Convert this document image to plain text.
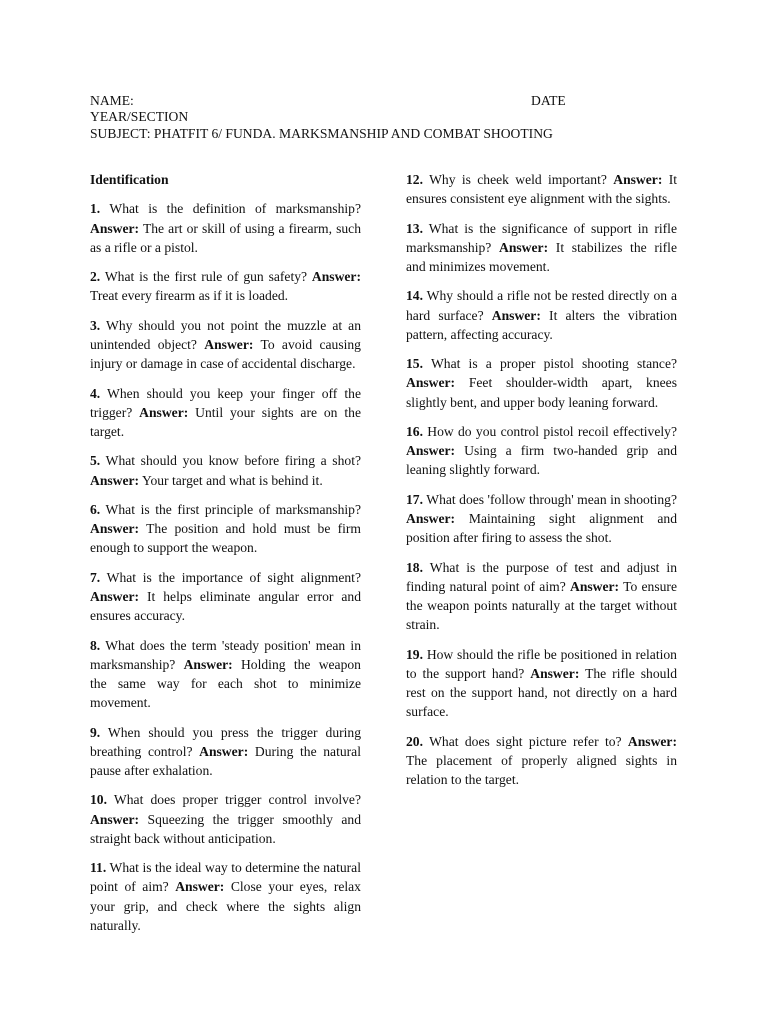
NAME:	DATE
YEAR/SECTION
SUBJECT: PHATFIT 6/ FUNDA. MARKSMANSHIP AND COMBAT SHOOTING
Identification

1. What is the definition of marksmanship? Answer: The art or skill of using a firearm, such as a rifle or a pistol.

2. What is the first rule of gun safety? Answer: Treat every firearm as if it is loaded.

3. Why should you not point the muzzle at an unintended object? Answer: To avoid causing injury or damage in case of accidental discharge.

4. When should you keep your finger off the trigger? Answer: Until your sights are on the target.

5. What should you know before firing a shot? Answer: Your target and what is behind it.

6. What is the first principle of marksmanship? Answer: The position and hold must be firm enough to support the weapon.

7. What is the importance of sight alignment? Answer: It helps eliminate angular error and ensures accuracy.

8. What does the term 'steady position' mean in marksmanship? Answer: Holding the weapon the same way for each shot to minimize movement.

9. When should you press the trigger during breathing control? Answer: During the natural pause after exhalation.

10. What does proper trigger control involve? Answer: Squeezing the trigger smoothly and straight back without anticipation.

11. What is the ideal way to determine the natural point of aim? Answer: Close your eyes, relax your grip, and check where the sights align naturally.

12. Why is cheek weld important? Answer: It ensures consistent eye alignment with the sights.

13. What is the significance of support in rifle marksmanship? Answer: It stabilizes the rifle and minimizes movement.

14. Why should a rifle not be rested directly on a hard surface? Answer: It alters the vibration pattern, affecting accuracy.

15. What is a proper pistol shooting stance? Answer: Feet shoulder-width apart, knees slightly bent, and upper body leaning forward.

16. How do you control pistol recoil effectively? Answer: Using a firm two-handed grip and leaning slightly forward.

17. What does 'follow through' mean in shooting? Answer: Maintaining sight alignment and position after firing to assess the shot.

18. What is the purpose of test and adjust in finding natural point of aim? Answer: To ensure the weapon points naturally at the target without strain.

19. How should the rifle be positioned in relation to the support hand? Answer: The rifle should rest on the support hand, not directly on a hard surface.

20. What does sight picture refer to? Answer: The placement of properly aligned sights in relation to the target.
